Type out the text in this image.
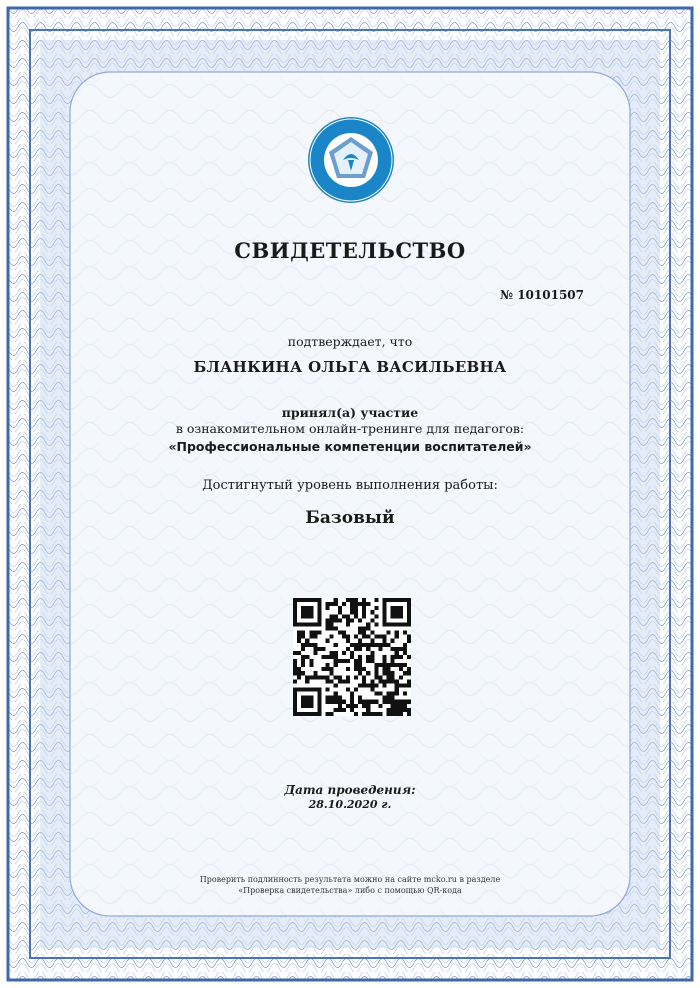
СВИДЕТЕЛЬСТВО
№ 10101507
подтверждает, что
БЛАНКИНА ОЛЬГА ВАСИЛЬЕВНА
принял(а) участие
в ознакомительном онлайн-тренинге для педагогов:
«Профессиональные компетенции воспитателей»
Достигнутый уровень выполнения работы:
Базовый
Дата проведения:
28.10.2020 г.
Проверить подлинность результата можно на сайте mcko.ru в разделе
«Проверка свидетельства» либо с помощью QR-кода
